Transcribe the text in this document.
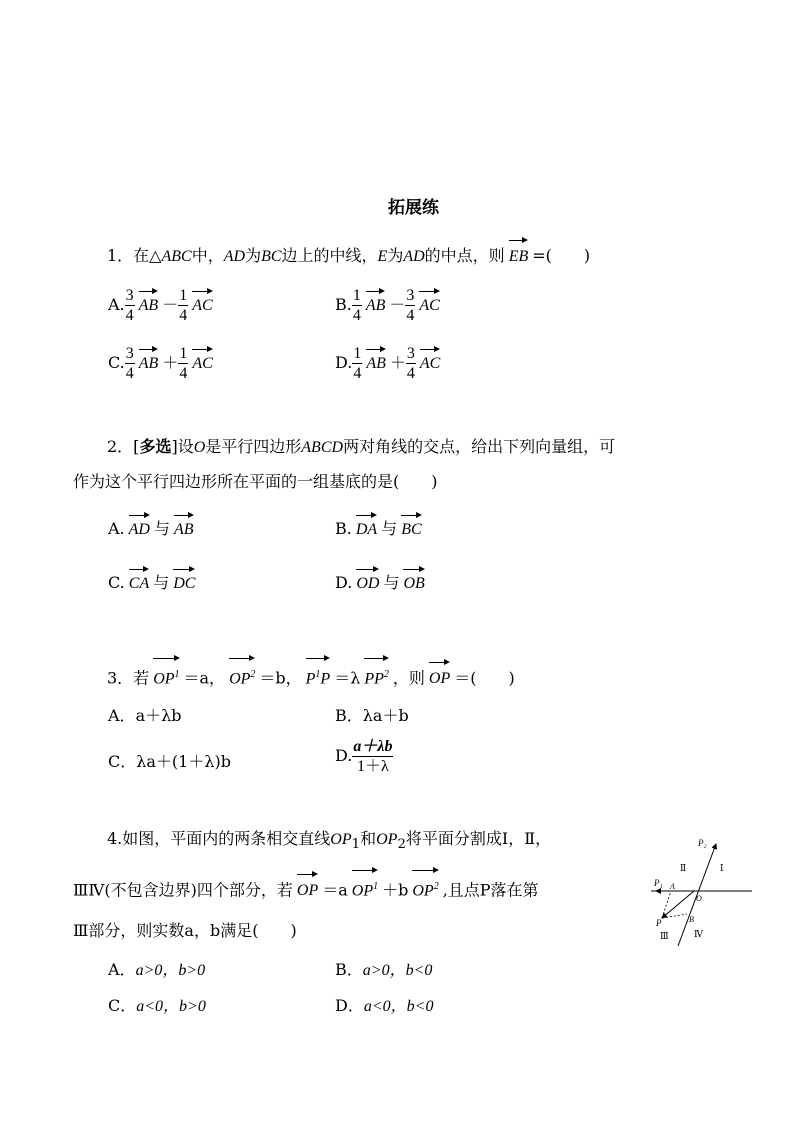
拓展练
1．在△ABC中，AD为BC边上的中线，E为AD的中点，则 EB =(　　)
A. $\frac{3}{4}$ AB － $\frac{1}{4}$ AC	B. $\frac{1}{4}$ AB － $\frac{3}{4}$ AC
C. $\frac{3}{4}$ AB ＋ $\frac{1}{4}$ AC	D. $\frac{1}{4}$ AB ＋ $\frac{3}{4}$ AC
2．[多选]设O是平行四边形ABCD两对角线的交点，给出下列向量组，可
作为这个平行四边形所在平面的一组基底的是(　　)
A. AD 与 AB	B. DA 与 BC
C. CA 与 DC	D. OD 与 OB
3．若 $OP^1 =a$， $OP^2 =b$， $P^1P =\lambda$ $PP^2$ ，则 OP ＝(　　)
A．a＋λb	B．λa＋b
C．λa＋(1＋λ)b	D. $\frac{a+\lambda b}{1+\lambda}$
4.如图，平面内的两条相交直线$OP_1$和$OP_2$将平面分割成Ⅰ，Ⅱ，
ⅢⅣ(不包含边界)四个部分，若 OP ＝a $OP^1 +b$ $OP^2$ ,且点P落在第
Ⅲ部分，则实数a，b满足(　　)
A．a>0，b>0	B．a>0，b<0
C．a<0，b>0	D．a<0，b<0
P₂
P₁ A
O
B
P
Ⅰ
Ⅱ
Ⅲ	Ⅳ
